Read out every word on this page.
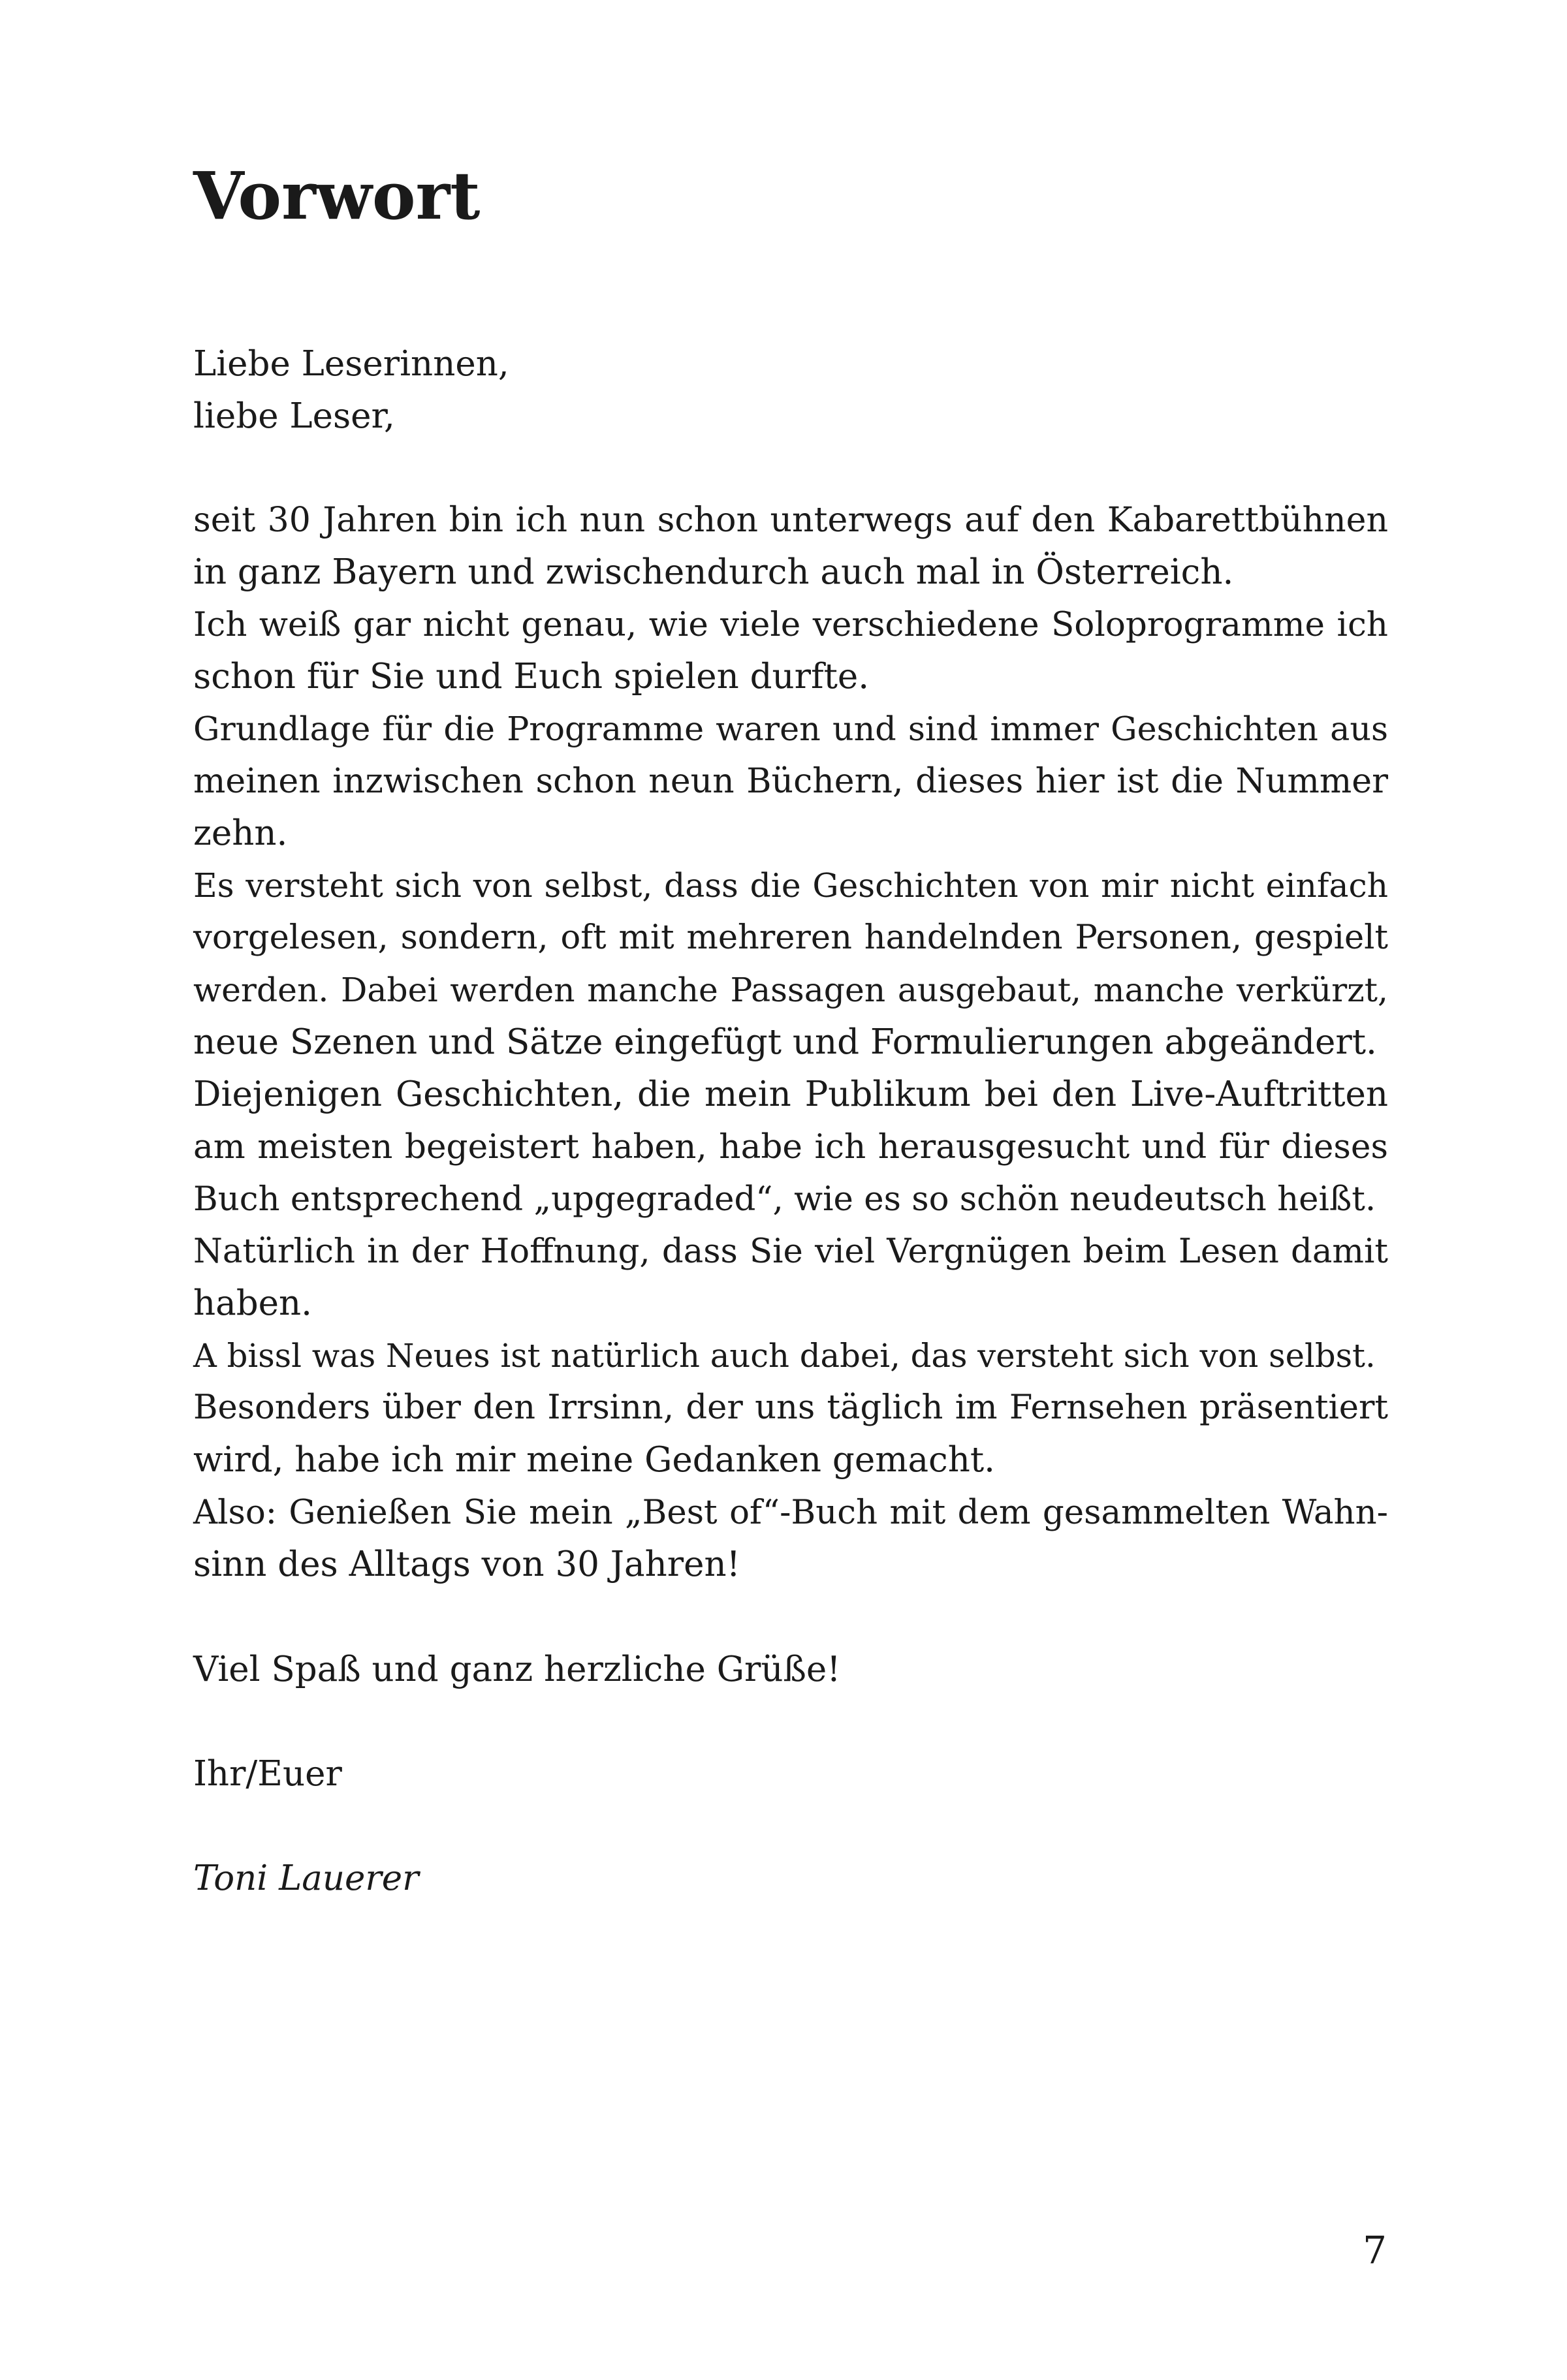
Vorwort
Liebe Leserinnen,
liebe Leser,
seit 30 Jahren bin ich nun schon unterwegs auf den Kabarettbühnen
in ganz Bayern und zwischendurch auch mal in Österreich.
Ich weiß gar nicht genau, wie viele verschiedene Soloprogramme ich
schon für Sie und Euch spielen durfte.
Grundlage für die Programme waren und sind immer Geschichten aus
meinen inzwischen schon neun Büchern, dieses hier ist die Nummer
zehn.
Es versteht sich von selbst, dass die Geschichten von mir nicht einfach
vorgelesen, sondern, oft mit mehreren handelnden Personen, gespielt
werden. Dabei werden manche Passagen ausgebaut, manche verkürzt,
neue Szenen und Sätze eingefügt und Formulierungen abgeändert.
Diejenigen Geschichten, die mein Publikum bei den Live-Auftritten
am meisten begeistert haben, habe ich herausgesucht und für dieses
Buch entsprechend „upgegraded“, wie es so schön neudeutsch heißt.
Natürlich in der Hoffnung, dass Sie viel Vergnügen beim Lesen damit
haben.
A bissl was Neues ist natürlich auch dabei, das versteht sich von selbst.
Besonders über den Irrsinn, der uns täglich im Fernsehen präsentiert
wird, habe ich mir meine Gedanken gemacht.
Also: Genießen Sie mein „Best of“-Buch mit dem gesammelten Wahn-
sinn des Alltags von 30 Jahren!
Viel Spaß und ganz herzliche Grüße!
Ihr/Euer
Toni Lauerer
7
